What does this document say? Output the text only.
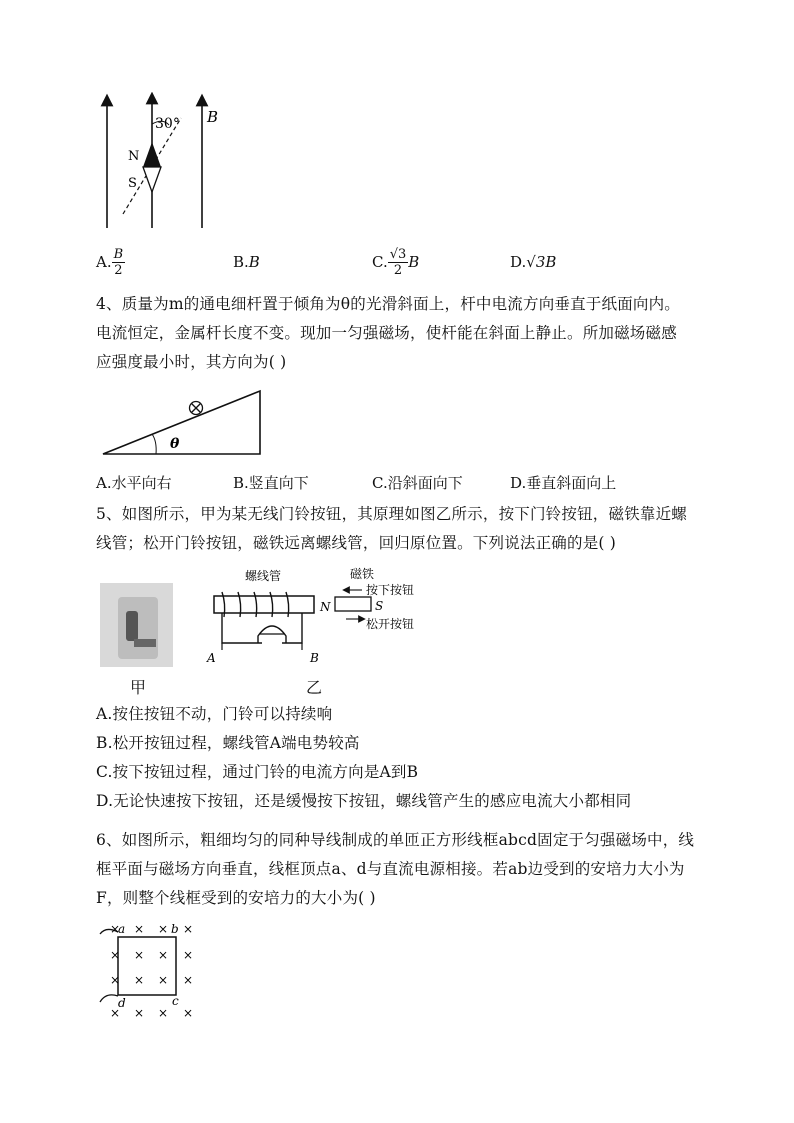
30°
N
S
B
A. $\frac{B}{2}$	B. B	C. $\frac{√3}{2}$ B	D. √3B
4、质量为m的通电细杆置于倾角为θ的光滑斜面上，杆中电流方向垂直于纸面向内。
电流恒定，金属杆长度不变。现加一匀强磁场，使杆能在斜面上静止。所加磁场磁感
应强度最小时，其方向为( )
θ
A.水平向右	B.竖直向下	C.沿斜面向下	D.垂直斜面向上
5、如图所示，甲为某无线门铃按钮，其原理如图乙所示，按下门铃按钮，磁铁靠近螺
线管；松开门铃按钮，磁铁远离螺线管，回归原位置。下列说法正确的是( )
螺线管
A	B
N	S
磁铁
按下按钮
松开按钮
甲	乙
A.按住按钮不动，门铃可以持续响
B.松开按钮过程，螺线管A端电势较高
C.按下按钮过程，通过门铃的电流方向是A到B
D.无论快速按下按钮，还是缓慢按下按钮，螺线管产生的感应电流大小都相同
6、如图所示，粗细均匀的同种导线制成的单匝正方形线框abcd固定于匀强磁场中，线
框平面与磁场方向垂直，线框顶点a、d与直流电源相接。若ab边受到的安培力大小为
F，则整个线框受到的安培力的大小为( )
a	b
d	c
× × × ×
× × × ×
× × × ×
× × × ×
